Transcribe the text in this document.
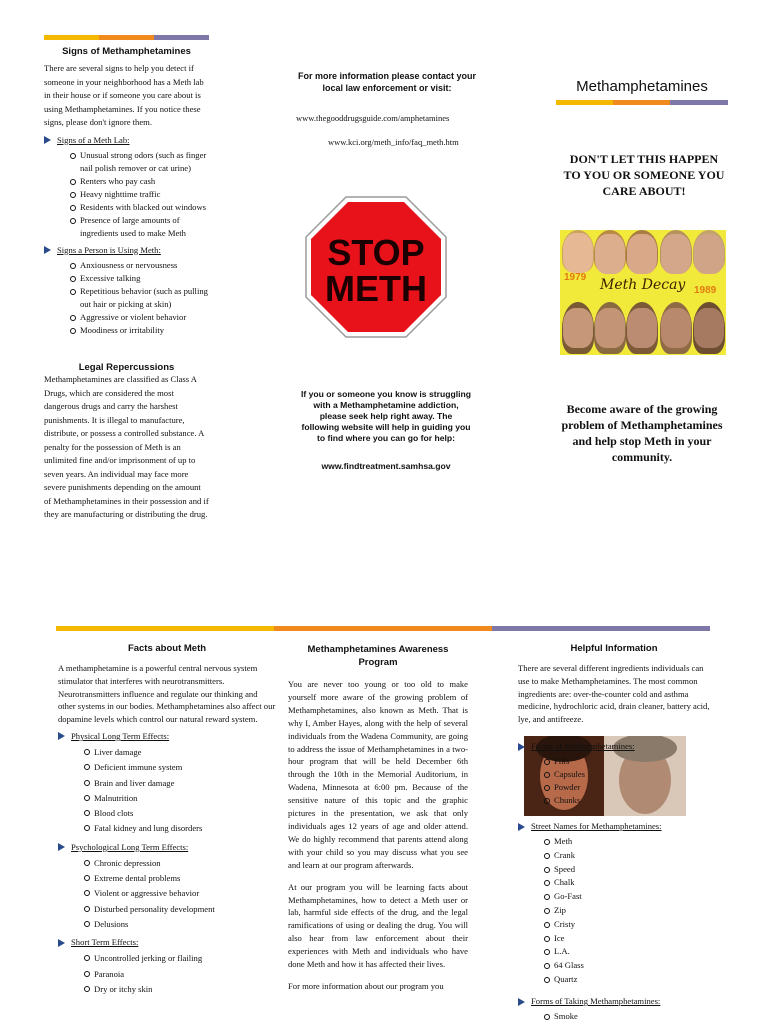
Signs of Methamphetamines

There are several signs to help you detect if someone in your neighborhood has a Meth lab in their house or if someone you care about is using Methamphetamines. If you notice these signs, please don't ignore them.

Signs of a Meth Lab:
Unusual strong odors (such as finger nail polish remover or cat urine)
Renters who pay cash
Heavy nighttime traffic
Residents with blacked out windows
Presence of large amounts of ingredients used to make Meth
Signs a Person is Using Meth:
Anxiousness or nervousness
Excessive talking
Repetitious behavior (such as pulling out hair or picking at skin)
Aggressive or violent behavior
Moodiness or irritability
Legal Repercussions

Methamphetamines are classified as Class A Drugs, which are considered the most dangerous drugs and carry the harshest punishments. It is illegal to manufacture, distribute, or possess a controlled substance. A penalty for the possession of Meth is an unlimited fine and/or imprisonment of up to seven years. An individual may face more severe punishments depending on the amount of Methamphetamines in their possession and if they are manufacturing or distributing the drug.

For more information please contact your local law enforcement or visit:
www.thegooddrugsguide.com/amphetamines
www.kci.org/meth_info/faq_meth.htm
STOP
METH
If you or someone you know is struggling with a Methamphetamine addiction, please seek help right away. The following website will help in guiding you to find where you can go for help:
www.findtreatment.samhsa.gov
Methamphetamines
DON'T LET THIS HAPPEN TO YOU OR SOMEONE YOU CARE ABOUT!
1979 Meth Decay 1989
Become aware of the growing problem of Methamphetamines and help stop Meth in your community.
Facts about Meth

A methamphetamine is a powerful central nervous system stimulator that interferes with neurotransmitters. Neurotransmitters influence and regulate our thinking and other systems in our bodies. Methamphetamines also affect our dopamine levels which control our natural reward system.

Physical Long Term Effects:
Liver damage
Deficient immune system
Brain and liver damage
Malnutrition
Blood clots
Fatal kidney and lung disorders
Psychological Long Term Effects:
Chronic depression
Extreme dental problems
Violent or aggressive behavior
Disturbed personality development
Delusions
Short Term Effects:
Uncontrolled jerking or flailing
Paranoia
Dry or itchy skin
Methamphetamines Awareness Program

You are never too young or too old to make yourself more aware of the growing problem of Methamphetamines, also known as Meth. That is why I, Amber Hayes, along with the help of several individuals from the Wadena Community, are going to address the issue of Methamphetamines in a two-hour program that will be held December 6th through the 10th in the Memorial Auditorium, in Wadena, Minnesota at 6:00 pm. Because of the sensitive nature of this topic and the graphic pictures in the presentation, we ask that only individuals ages 12 years of age and older attend. We do highly recommend that parents attend along with your child so you may discuss what you see and learn at our program afterwards.

At our program you will be learning facts about Methamphetamines, how to detect a Meth user or lab, harmful side effects of the drug, and the legal ramifications of using or dealing the drug. You will also hear from law enforcement about their experiences with Meth and individuals who have done Meth and how it has affected their lives.

For more information about our program you

Helpful Information

There are several different ingredients individuals can use to make Methamphetamines. The most common ingredients are: over-the-counter cold and asthma medicine, hydrochloric acid, drain cleaner, battery acid, lye, and antifreeze.

Forms of Methamphetamines:
Pills
Capsules
Powder
Chunks
Street Names for Methamphetamines:
Meth
Crank
Speed
Chalk
Go-Fast
Zip
Cristy
Ice
L.A.
64 Glass
Quartz
Forms of Taking Methamphetamines:
Smoke
